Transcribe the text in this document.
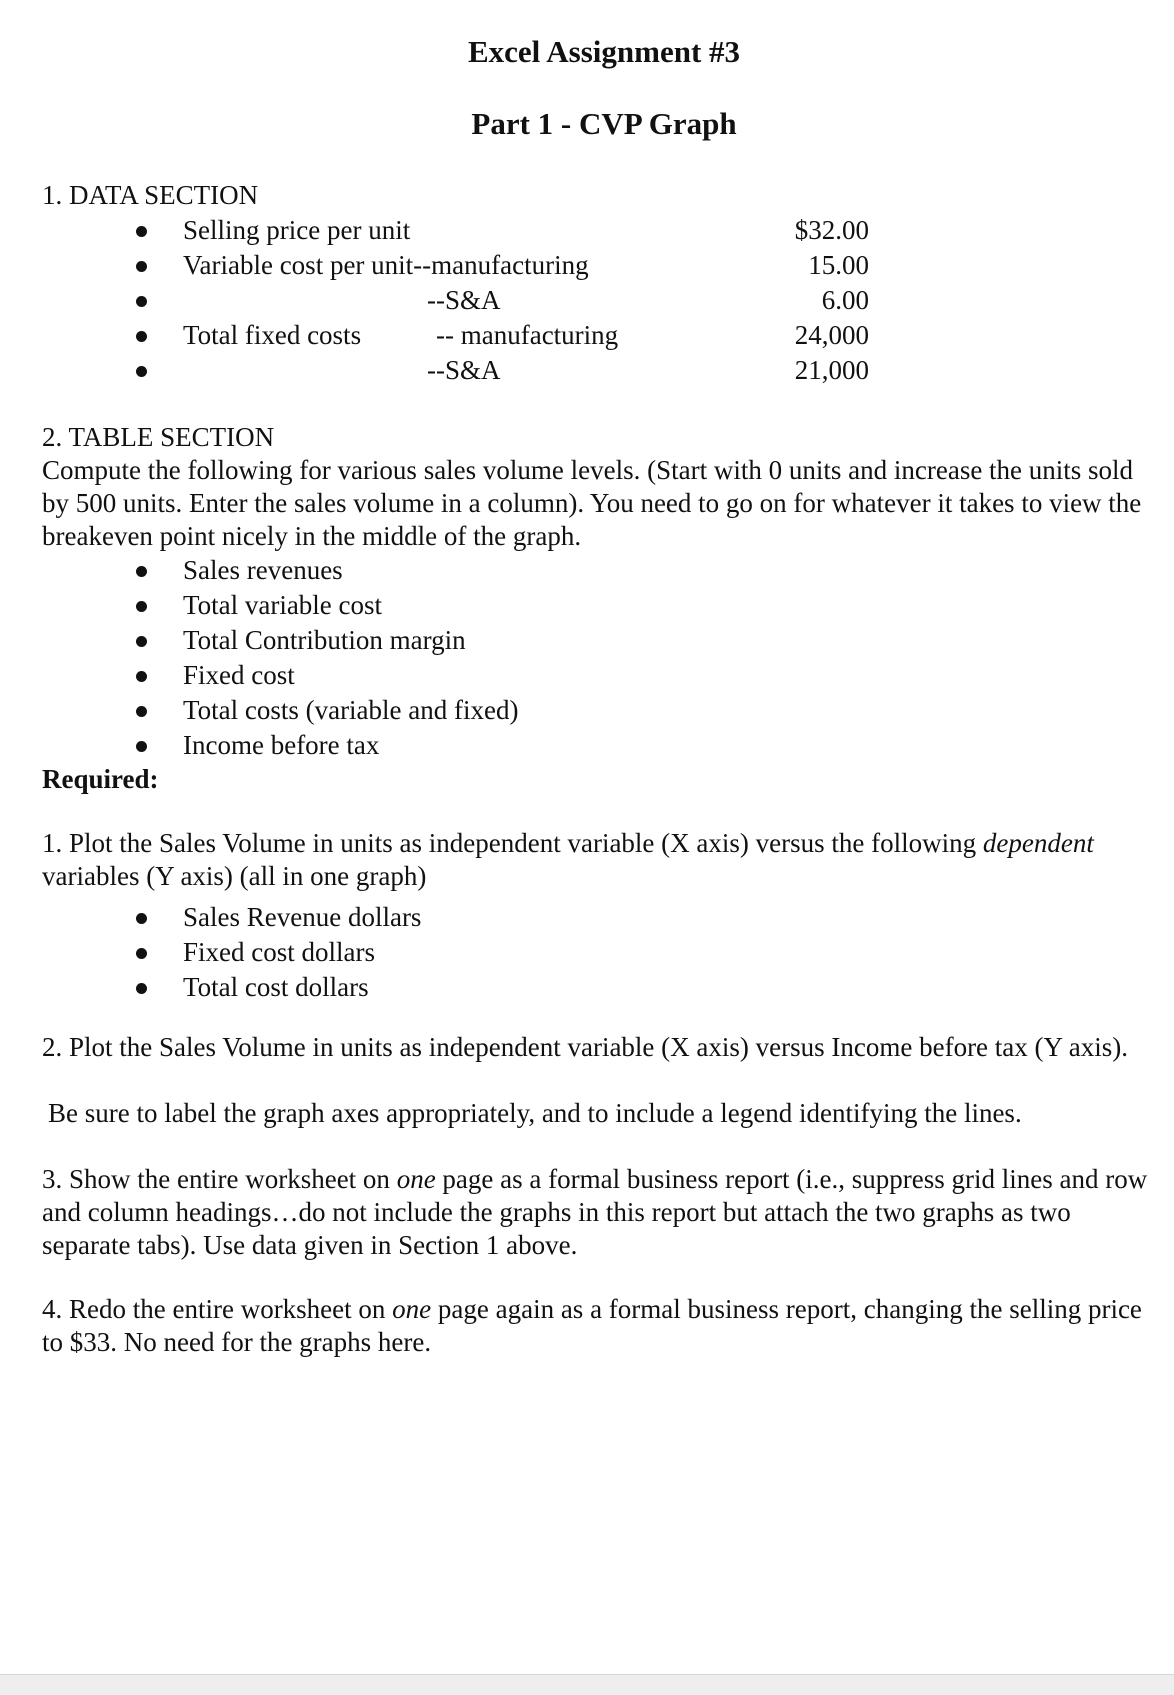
Excel Assignment #3
Part 1 - CVP Graph
1. DATA SECTION
Selling price per unit	$32.00
Variable cost per unit--manufacturing	15.00
--S&A	6.00
Total fixed costs	-- manufacturing	24,000
--S&A	21,000
2. TABLE SECTION
Compute the following for various sales volume levels. (Start with 0 units and increase the units sold by 500 units. Enter the sales volume in a column). You need to go on for whatever it takes to view the breakeven point nicely in the middle of the graph.
Sales revenues
Total variable cost
Total Contribution margin
Fixed cost
Total costs (variable and fixed)
Income before tax
Required:
1. Plot the Sales Volume in units as independent variable (X axis) versus the following dependent variables (Y axis) (all in one graph)
Sales Revenue dollars
Fixed cost dollars
Total cost dollars
2. Plot the Sales Volume in units as independent variable (X axis) versus Income before tax (Y axis).
Be sure to label the graph axes appropriately, and to include a legend identifying the lines.
3. Show the entire worksheet on one page as a formal business report (i.e., suppress grid lines and row and column headings…do not include the graphs in this report but attach the two graphs as two separate tabs). Use data given in Section 1 above.
4. Redo the entire worksheet on one page again as a formal business report, changing the selling price to $33. No need for the graphs here.
